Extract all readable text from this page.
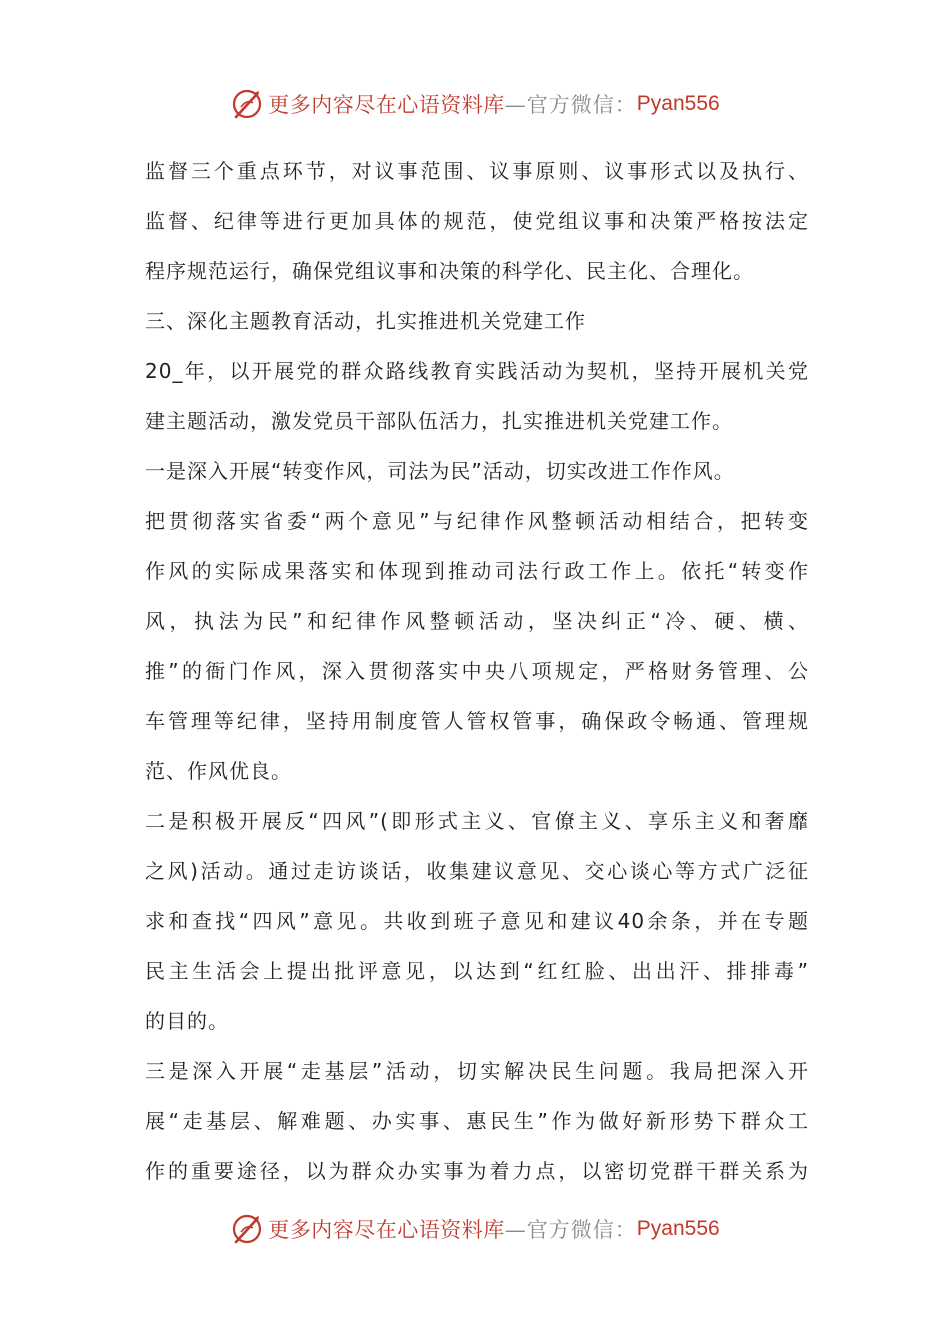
更多内容尽在心语资料库 —官方微信： Pyan556
监督三个重点环节，对议事范围、议事原则、议事形式以及执行、
监督、纪律等进行更加具体的规范，使党组议事和决策严格按法定
程序规范运行，确保党组议事和决策的科学化、民主化、合理化。
三、深化主题教育活动，扎实推进机关党建工作
20_年，以开展党的群众路线教育实践活动为契机，坚持开展机关党
建主题活动，激发党员干部队伍活力，扎实推进机关党建工作。
一是深入开展“转变作风，司法为民”活动，切实改进工作作风。
把贯彻落实省委“两个意见”与纪律作风整顿活动相结合，把转变
作风的实际成果落实和体现到推动司法行政工作上。依托“转变作
风，执法为民”和纪律作风整顿活动，坚决纠正“冷、硬、横、
推”的衙门作风，深入贯彻落实中央八项规定，严格财务管理、公
车管理等纪律，坚持用制度管人管权管事，确保政令畅通、管理规
范、作风优良。
二是积极开展反“四风”(即形式主义、官僚主义、享乐主义和奢靡
之风)活动。通过走访谈话，收集建议意见、交心谈心等方式广泛征
求和查找“四风”意见。共收到班子意见和建议40余条，并在专题
民主生活会上提出批评意见，以达到“红红脸、出出汗、排排毒”
的目的。
三是深入开展“走基层”活动，切实解决民生问题。我局把深入开
展“走基层、解难题、办实事、惠民生”作为做好新形势下群众工
作的重要途径，以为群众办实事为着力点，以密切党群干群关系为
更多内容尽在心语资料库 —官方微信： Pyan556
